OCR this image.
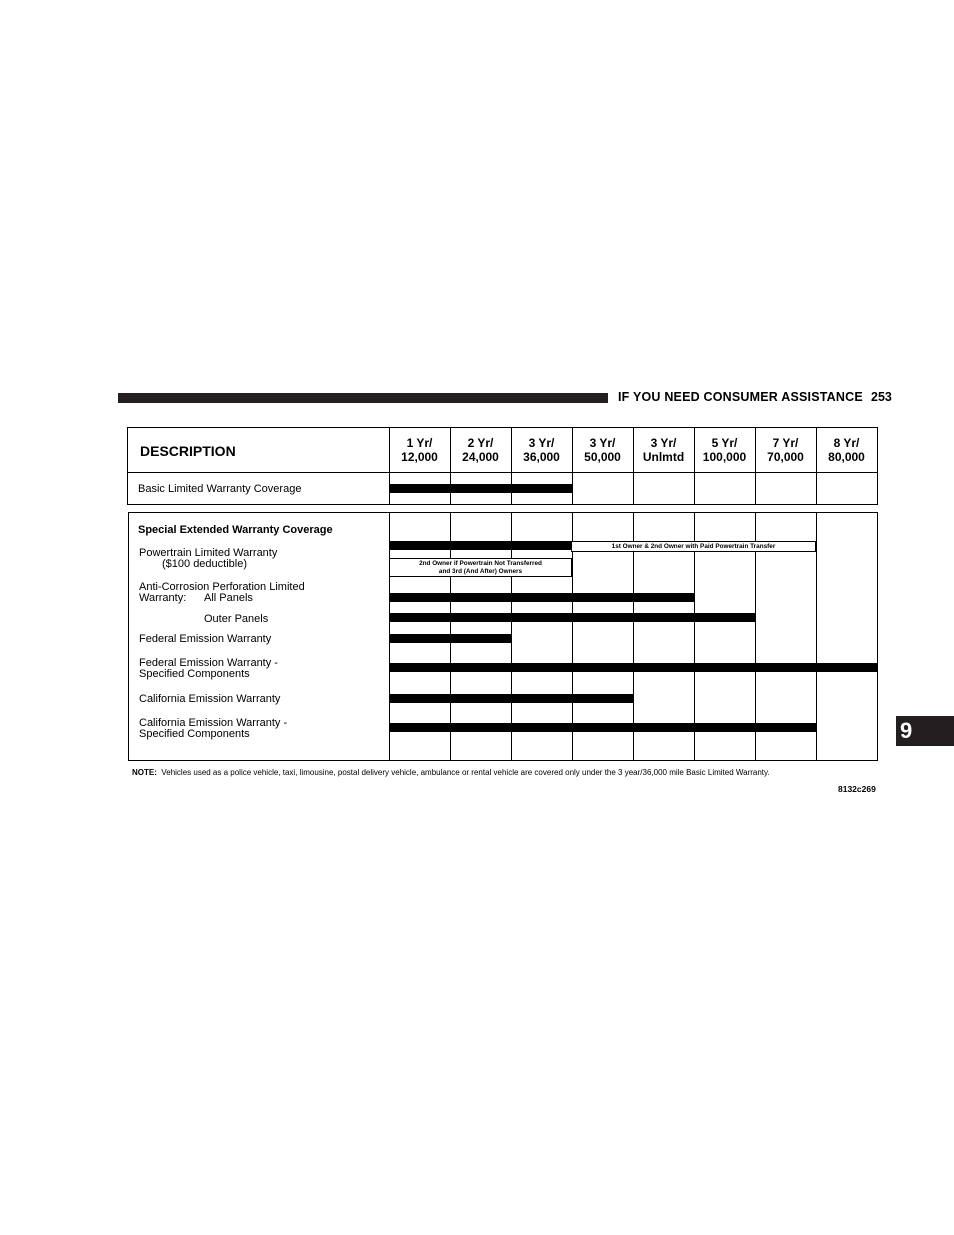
IF YOU NEED CONSUMER ASSISTANCE 253
9
DESCRIPTION	1 Yr/
12,000
2 Yr/
24,000
3 Yr/
36,000
3 Yr/
50,000
3 Yr/
Unlmtd
5 Yr/
100,000
7 Yr/
70,000
8 Yr/
80,000
Basic Limited Warranty Coverage
Special Extended Warranty Coverage
Powertrain Limited Warranty
($100 deductible)
Anti-Corrosion Perforation Limited
Warranty: All Panels
Outer Panels
Federal Emission Warranty
Federal Emission Warranty -
Specified Components
California Emission Warranty
California Emission Warranty -
Specified Components
1st Owner & 2nd Owner with Paid Powertrain Transfer
2nd Owner if Powertrain Not Transferred
and 3rd (And After) Owners
NOTE: Vehicles used as a police vehicle, taxi, limousine, postal delivery vehicle, ambulance or rental vehicle are covered only under the 3 year/36,000 mile Basic Limited Warranty.
8132c269
